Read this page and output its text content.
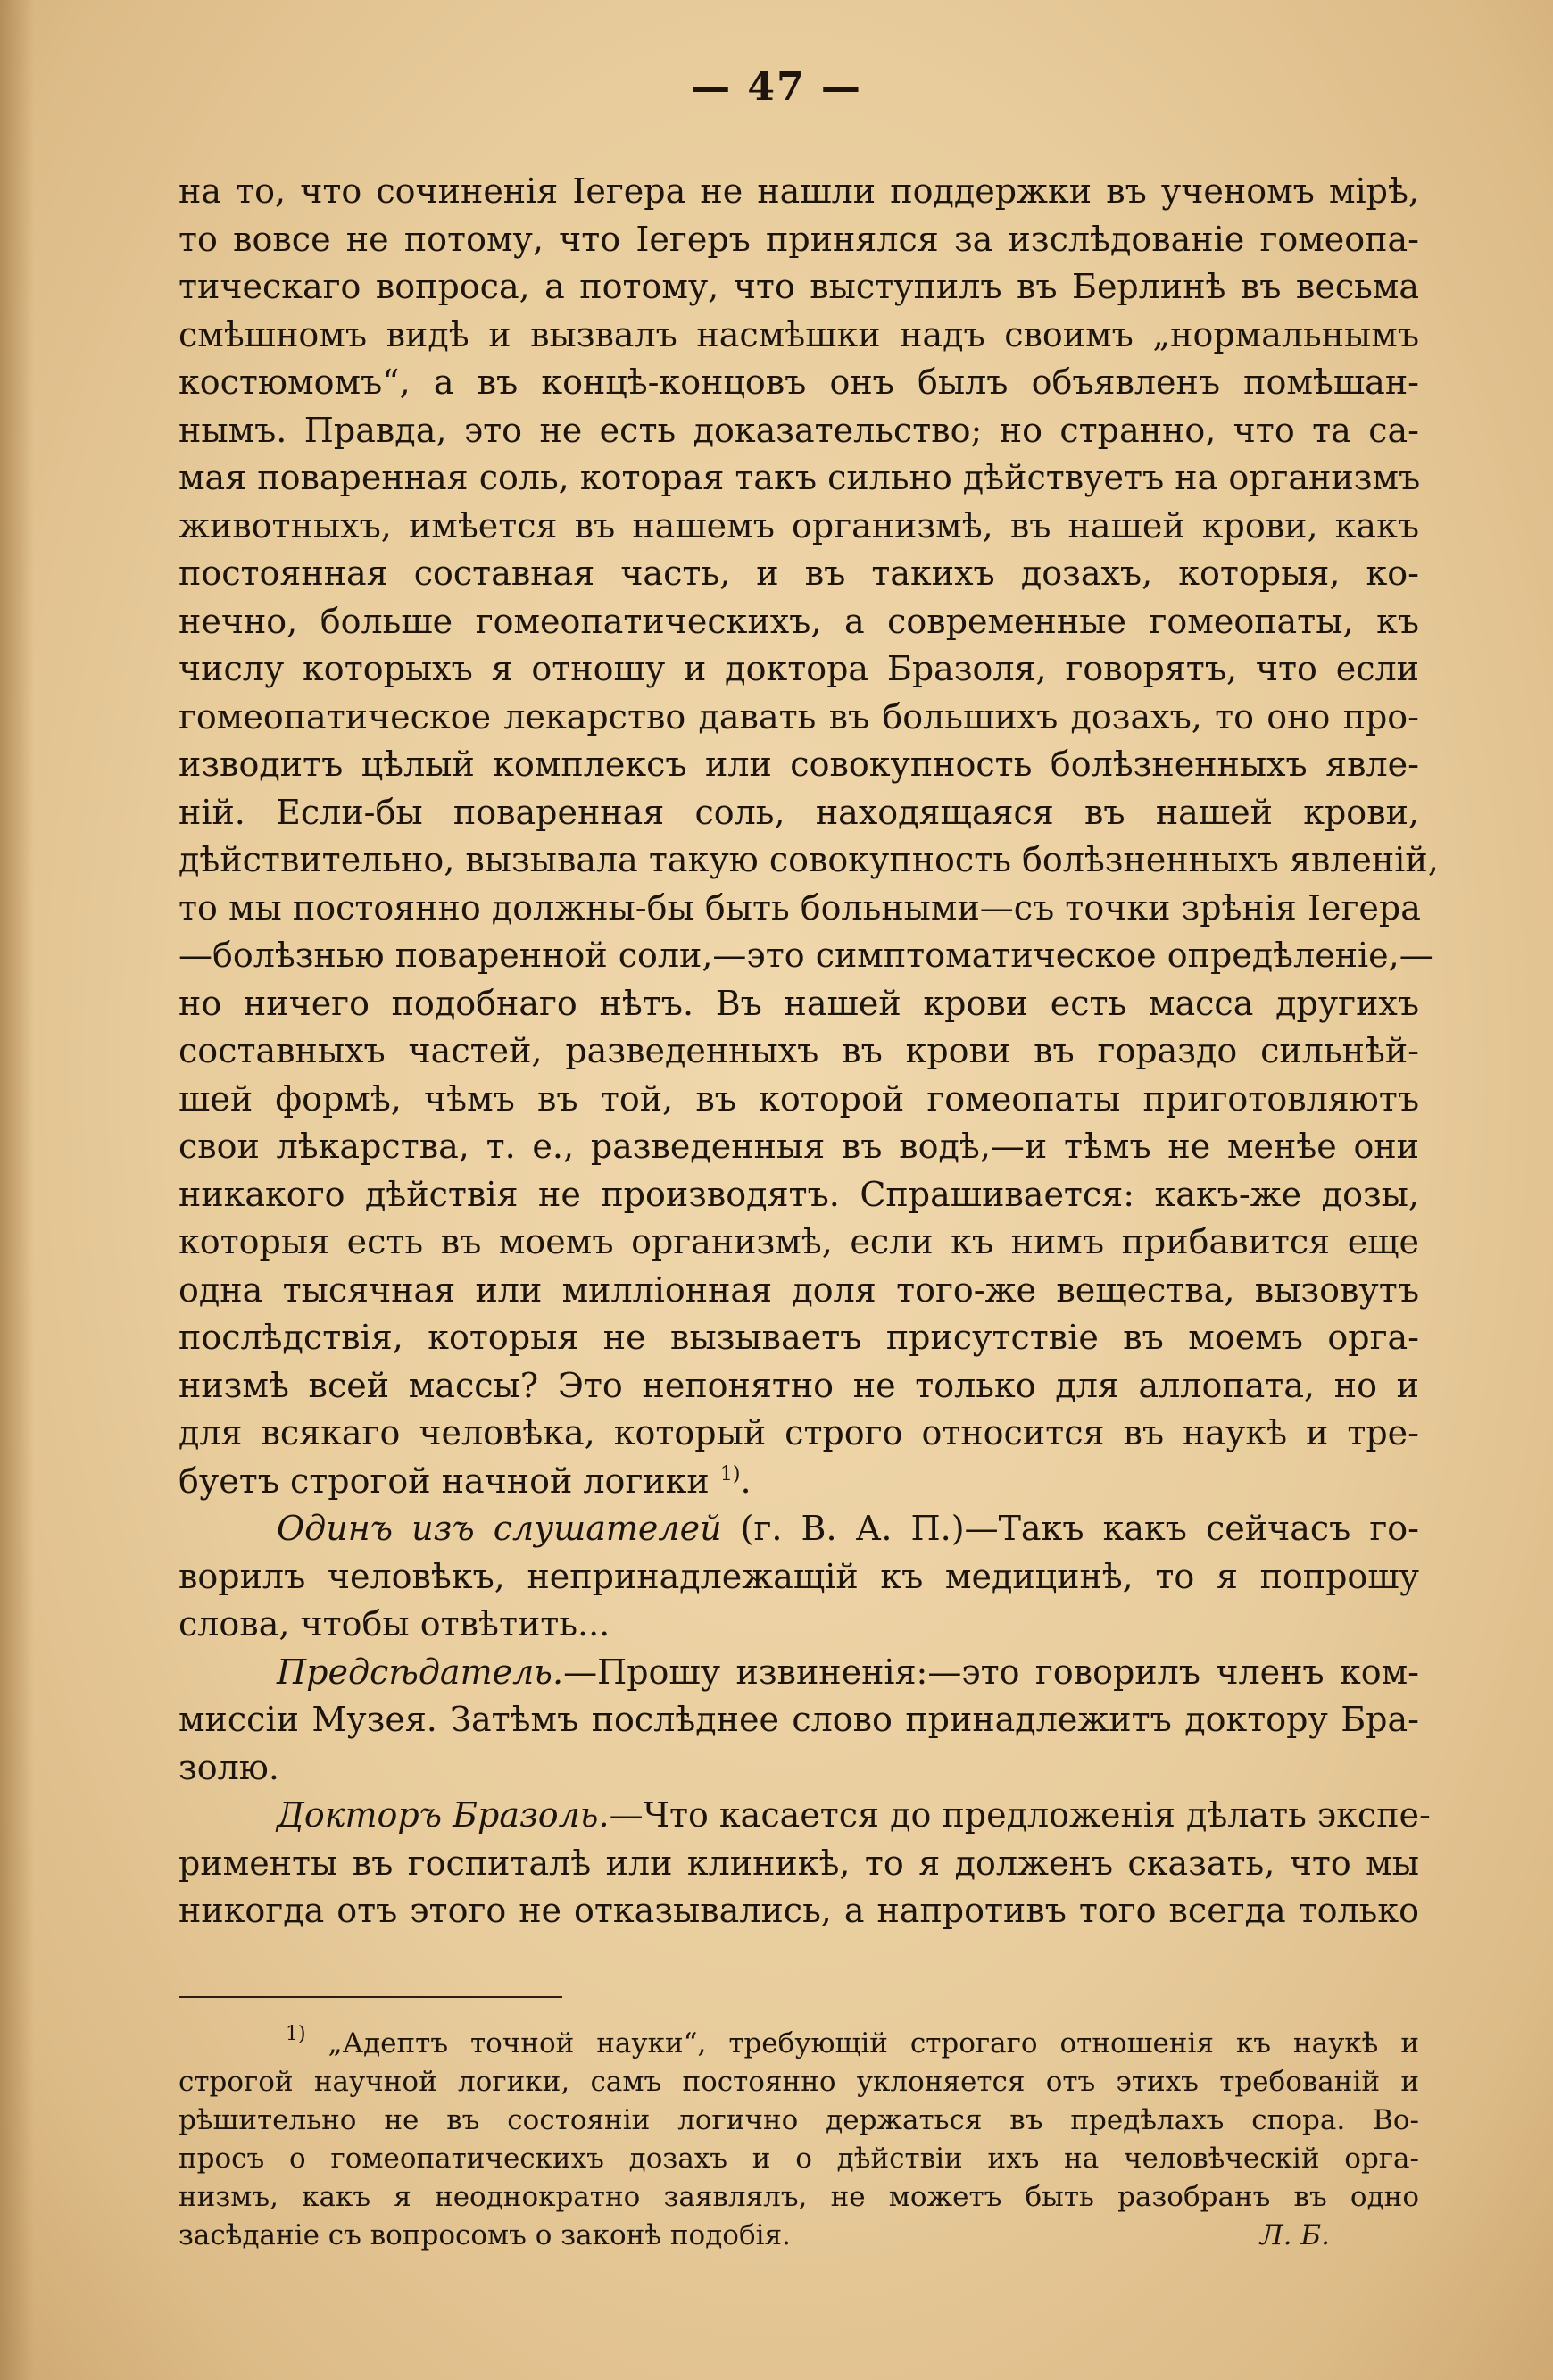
— 47 —
на то, что сочиненія Іегера не нашли поддержки въ ученомъ мірѣ,
то вовсе не потому, что Іегеръ принялся за изслѣдованіе гомеопа-
тическаго вопроса, а потому, что выступилъ въ Берлинѣ въ весьма
смѣшномъ видѣ и вызвалъ насмѣшки надъ своимъ „нормальнымъ
костюмомъ“, а въ концѣ-концовъ онъ былъ объявленъ помѣшан-
нымъ. Правда, это не есть доказательство; но странно, что та са-
мая поваренная соль, которая такъ сильно дѣйствуетъ на организмъ
животныхъ, имѣется въ нашемъ организмѣ, въ нашей крови, какъ
постоянная составная часть, и въ такихъ дозахъ, которыя, ко-
нечно, больше гомеопатическихъ, а современные гомеопаты, къ
числу которыхъ я отношу и доктора Бразоля, говорятъ, что если
гомеопатическое лекарство давать въ большихъ дозахъ, то оно про-
изводитъ цѣлый комплексъ или совокупность болѣзненныхъ явле-
ній. Если-бы поваренная соль, находящаяся въ нашей крови,
дѣйствительно, вызывала такую совокупность болѣзненныхъ явленій,
то мы постоянно должны-бы быть больными—съ точки зрѣнія Іегера
—болѣзнью поваренной соли,—это симптоматическое опредѣленіе,—
но ничего подобнаго нѣтъ. Въ нашей крови есть масса другихъ
составныхъ частей, разведенныхъ въ крови въ гораздо сильнѣй-
шей формѣ, чѣмъ въ той, въ которой гомеопаты приготовляютъ
свои лѣкарства, т. е., разведенныя въ водѣ,—и тѣмъ не менѣе они
никакого дѣйствія не производятъ. Спрашивается: какъ-же дозы,
которыя есть въ моемъ организмѣ, если къ нимъ прибавится еще
одна тысячная или милліонная доля того-же вещества, вызовутъ
послѣдствія, которыя не вызываетъ присутствіе въ моемъ орга-
низмѣ всей массы? Это непонятно не только для аллопата, но и
для всякаго человѣка, который строго относится въ наукѣ и тре-
буетъ строгой начной логики $^{1)}$.
Одинъ изъ слушателей (г. В. А. П.)—Такъ какъ сейчасъ го-
ворилъ человѣкъ, непринадлежащій къ медицинѣ, то я попрошу
слова, чтобы отвѣтить...
Предсѣдатель.—Прошу извиненія:—это говорилъ членъ ком-
миссіи Музея. Затѣмъ послѣднее слово принадлежитъ доктору Бра-
золю.
Докторъ Бразоль.—Что касается до предложенія дѣлать экспе-
рименты въ госпиталѣ или клиникѣ, то я долженъ сказать, что мы
никогда отъ этого не отказывались, а напротивъ того всегда только
$^{1)}$ „Адептъ точной науки“, требующій строгаго отношенія къ наукѣ и
строгой научной логики, самъ постоянно уклоняется отъ этихъ требованій и
рѣшительно не въ состояніи логично держаться въ предѣлахъ спора. Во-
просъ о гомеопатическихъ дозахъ и о дѣйствіи ихъ на человѣческій орга-
низмъ, какъ я неоднократно заявлялъ, не можетъ быть разобранъ въ одно
засѣданіе съ вопросомъ о законѣ подобія.	Л. Б.
